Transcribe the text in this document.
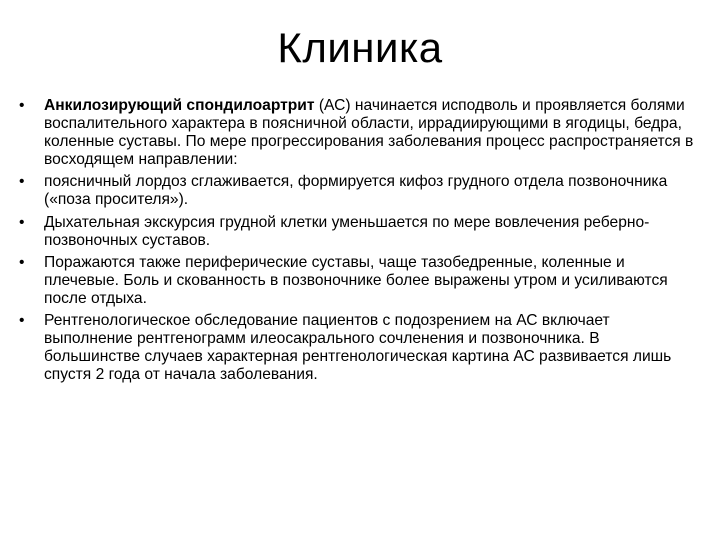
Клиника
• Анкилозирующий спондилоартрит (АС) начинается исподволь и проявляется болями воспалительного характера в поясничной области, иррадиирующими в ягодицы, бедра, коленные суставы. По мере прогрессирования заболевания процесс распространяется в восходящем направлении:
• поясничный лордоз сглаживается, формируется кифоз грудного отдела позвоночника («поза просителя»).
• Дыхательная экскурсия грудной клетки уменьшается по мере вовлечения реберно-позвоночных суставов.
• Поражаются также периферические суставы, чаще тазобедренные, коленные и плечевые. Боль и скованность в позвоночнике более выражены утром и усиливаются после отдыха.
• Рентгенологическое обследование пациентов с подозрением на АС включает выполнение рентгенограмм илеосакрального сочленения и позвоночника. В большинстве случаев характерная рентгенологическая картина АС развивается лишь спустя 2 года от начала заболевания.
